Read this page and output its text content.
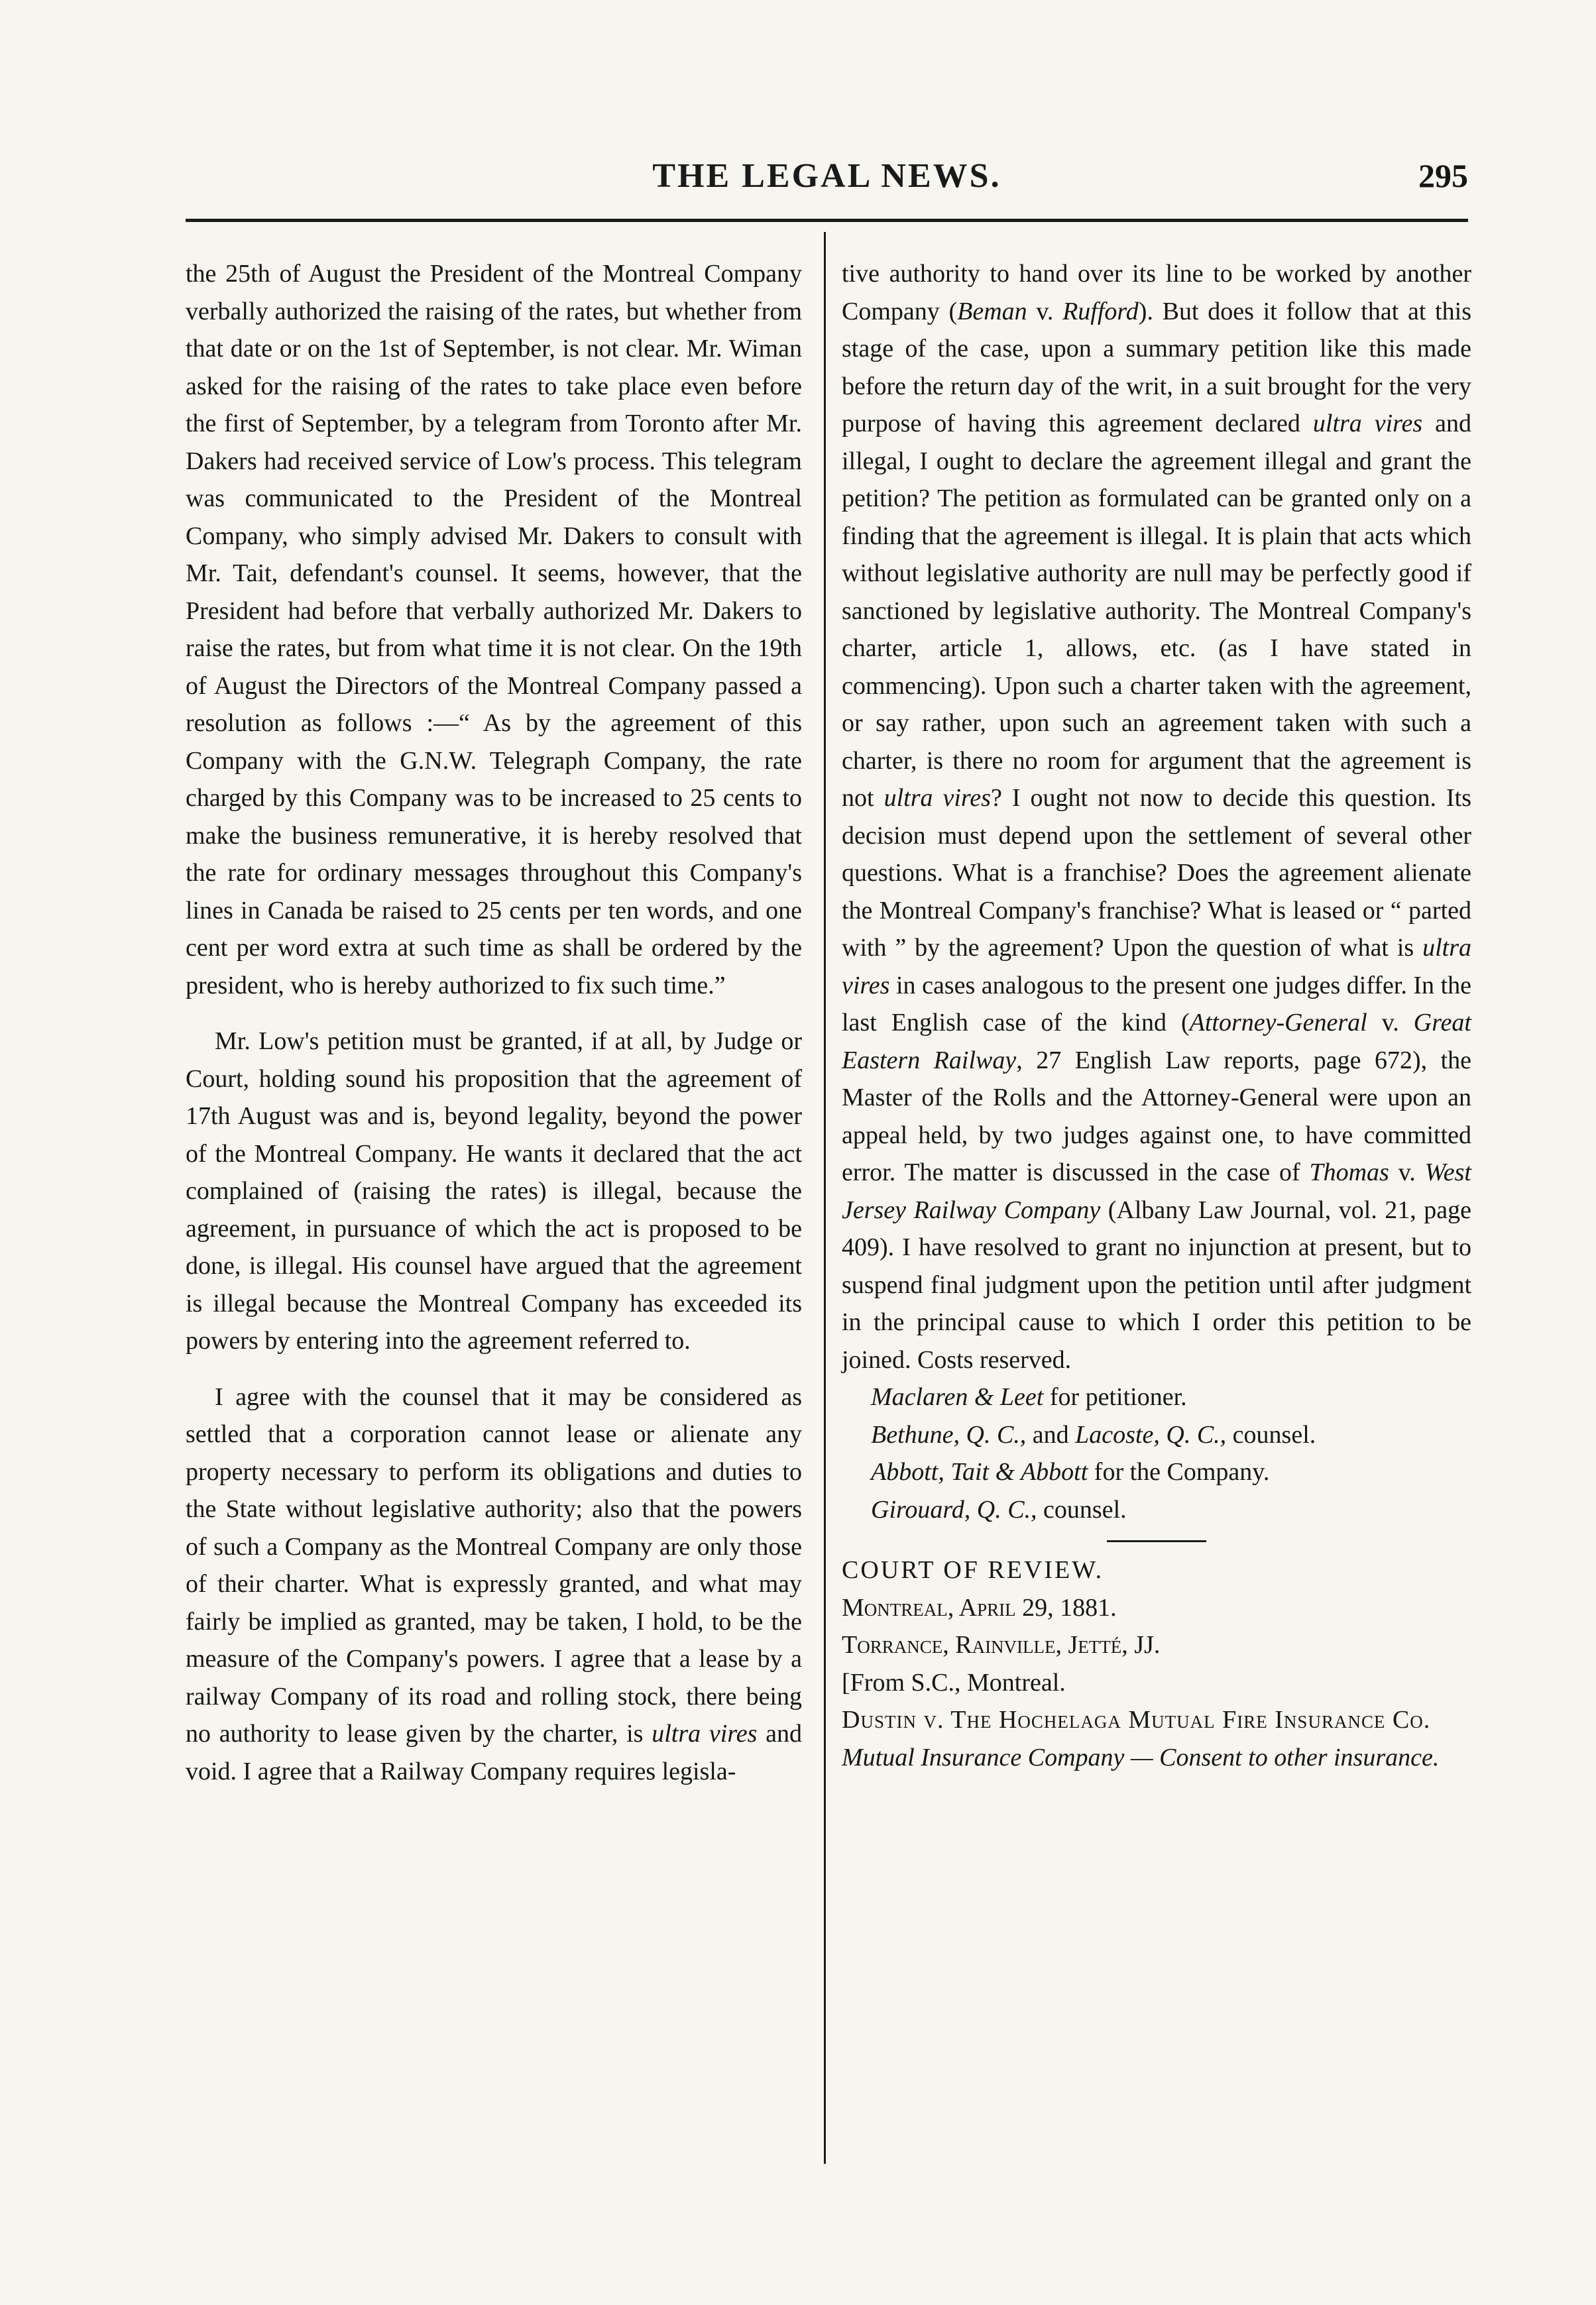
THE LEGAL NEWS.	295

the 25th of August the President of the Montreal Company verbally authorized the raising of the rates, but whether from that date or on the 1st of September, is not clear. Mr. Wiman asked for the raising of the rates to take place even before the first of September, by a telegram from Toronto after Mr. Dakers had received service of Low's process. This telegram was communicated to the President of the Montreal Company, who simply advised Mr. Dakers to consult with Mr. Tait, defendant's counsel. It seems, however, that the President had before that verbally authorized Mr. Dakers to raise the rates, but from what time it is not clear. On the 19th of August the Directors of the Montreal Company passed a resolution as follows :—“ As by the agreement of this Company with the G.N.W. Telegraph Company, the rate charged by this Company was to be increased to 25 cents to make the business remunerative, it is hereby resolved that the rate for ordinary messages throughout this Company's lines in Canada be raised to 25 cents per ten words, and one cent per word extra at such time as shall be ordered by the president, who is hereby authorized to fix such time.”

Mr. Low's petition must be granted, if at all, by Judge or Court, holding sound his proposition that the agreement of 17th August was and is, beyond legality, beyond the power of the Montreal Company. He wants it declared that the act complained of (raising the rates) is illegal, because the agreement, in pursuance of which the act is proposed to be done, is illegal. His counsel have argued that the agreement is illegal because the Montreal Company has exceeded its powers by entering into the agreement referred to.

I agree with the counsel that it may be considered as settled that a corporation cannot lease or alienate any property necessary to perform its obligations and duties to the State without legislative authority; also that the powers of such a Company as the Montreal Company are only those of their charter. What is expressly granted, and what may fairly be implied as granted, may be taken, I hold, to be the measure of the Company's powers. I agree that a lease by a railway Company of its road and rolling stock, there being no authority to lease given by the charter, is ultra vires and void. I agree that a Railway Company requires legisla-

tive authority to hand over its line to be worked by another Company (Beman v. Rufford). But does it follow that at this stage of the case, upon a summary petition like this made before the return day of the writ, in a suit brought for the very purpose of having this agreement declared ultra vires and illegal, I ought to declare the agreement illegal and grant the petition? The petition as formulated can be granted only on a finding that the agreement is illegal. It is plain that acts which without legislative authority are null may be perfectly good if sanctioned by legislative authority. The Montreal Company's charter, article 1, allows, etc. (as I have stated in commencing). Upon such a charter taken with the agreement, or say rather, upon such an agreement taken with such a charter, is there no room for argument that the agreement is not ultra vires? I ought not now to decide this question. Its decision must depend upon the settlement of several other questions. What is a franchise? Does the agreement alienate the Montreal Company's franchise? What is leased or “ parted with ” by the agreement? Upon the question of what is ultra vires in cases analogous to the present one judges differ. In the last English case of the kind (Attorney-General v. Great Eastern Railway, 27 English Law reports, page 672), the Master of the Rolls and the Attorney-General were upon an appeal held, by two judges against one, to have committed error. The matter is discussed in the case of Thomas v. West Jersey Railway Company (Albany Law Journal, vol. 21, page 409). I have resolved to grant no injunction at present, but to suspend final judgment upon the petition until after judgment in the principal cause to which I order this petition to be joined. Costs reserved.

Maclaren & Leet for petitioner.

Bethune, Q. C., and Lacoste, Q. C., counsel.

Abbott, Tait & Abbott for the Company.

Girouard, Q. C., counsel.

COURT OF REVIEW.

Montreal, April 29, 1881.

Torrance, Rainville, Jetté, JJ.

[From S.C., Montreal.

Dustin v. The Hochelaga Mutual Fire Insurance Co.

Mutual Insurance Company — Consent to other insurance.
